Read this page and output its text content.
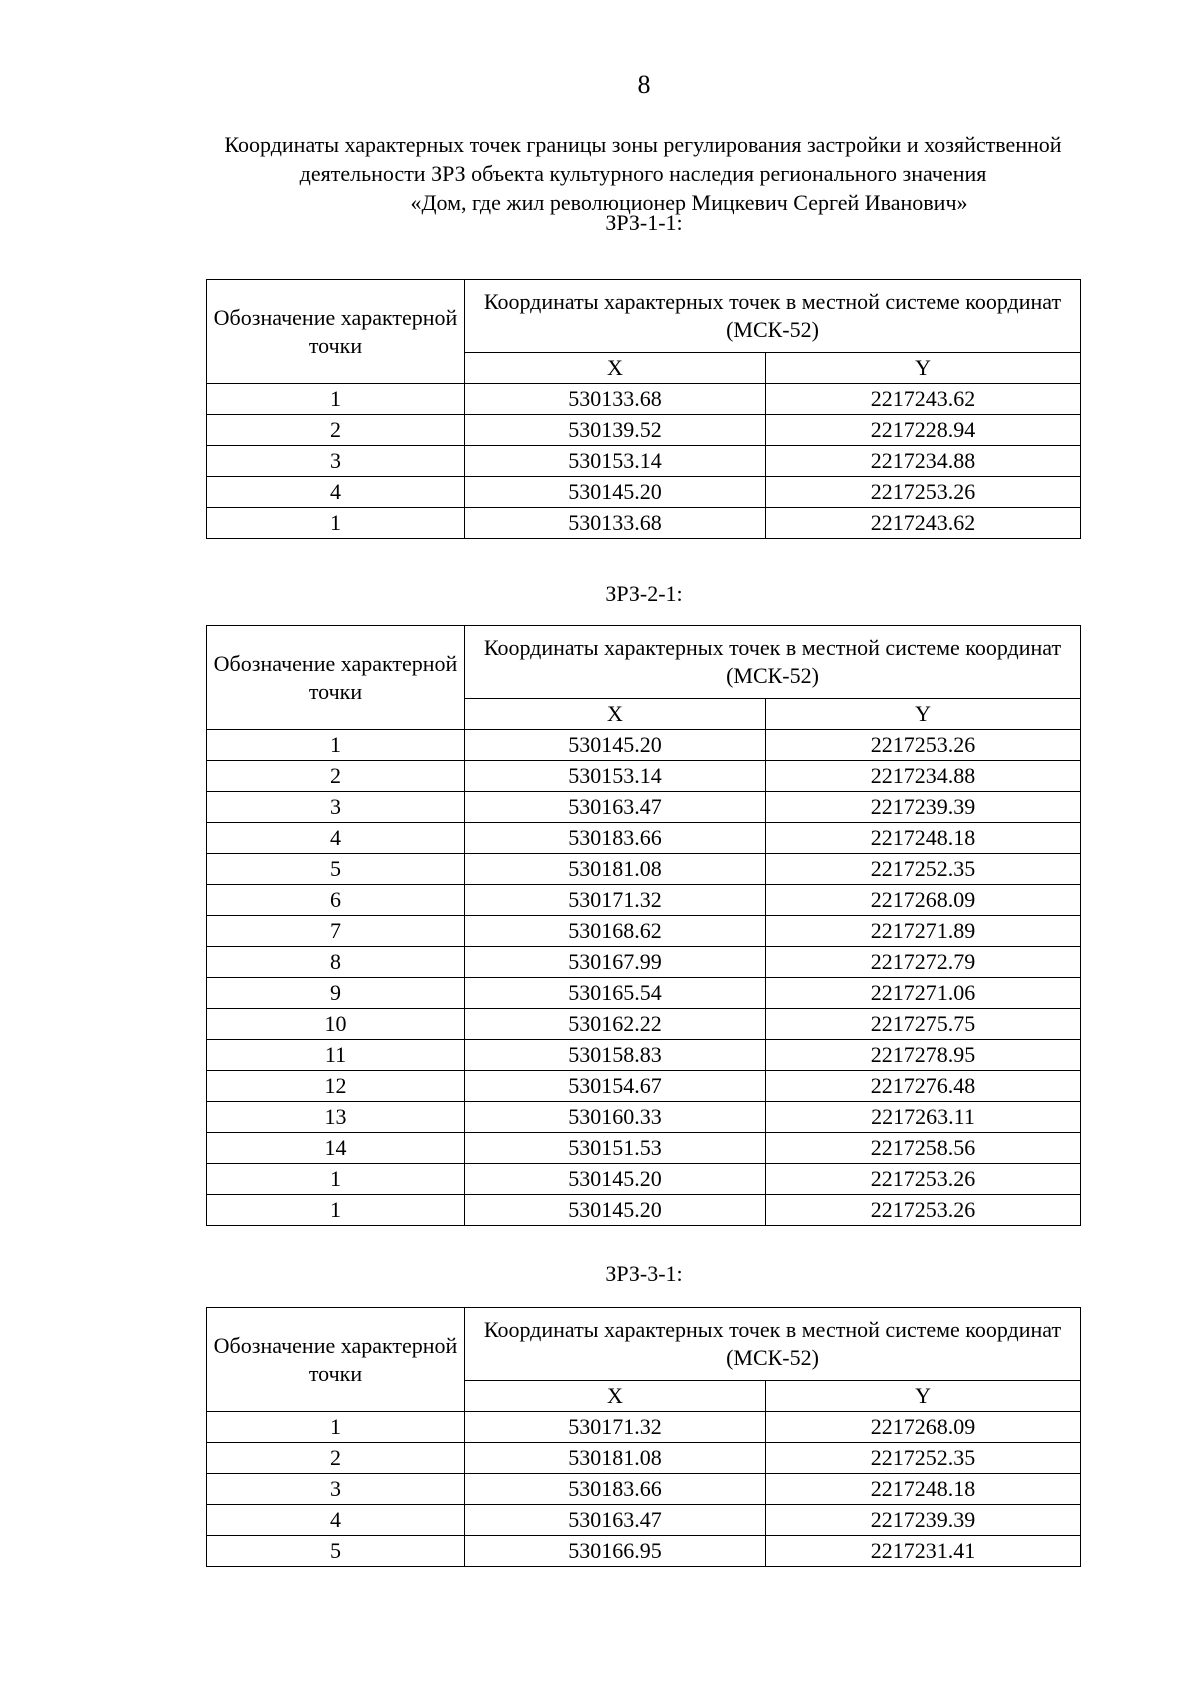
8
Координаты характерных точек границы зоны регулирования застройки и хозяйственной
деятельности ЗРЗ объекта культурного наследия регионального значения
«Дом, где жил революционер Мицкевич Сергей Иванович»
ЗРЗ-1-1:
Обозначение характерной точки	Координаты характерных точек в местной системе координат (МСК-52)	
	X	Y
1	530133.68	2217243.62
2	530139.52	2217228.94
3	530153.14	2217234.88
4	530145.20	2217253.26
1	530133.68	2217243.62
ЗРЗ-2-1:
Обозначение характерной точки	Координаты характерных точек в местной системе координат (МСК-52)	
	X	Y
1	530145.20	2217253.26
2	530153.14	2217234.88
3	530163.47	2217239.39
4	530183.66	2217248.18
5	530181.08	2217252.35
6	530171.32	2217268.09
7	530168.62	2217271.89
8	530167.99	2217272.79
9	530165.54	2217271.06
10	530162.22	2217275.75
11	530158.83	2217278.95
12	530154.67	2217276.48
13	530160.33	2217263.11
14	530151.53	2217258.56
1	530145.20	2217253.26
1	530145.20	2217253.26
ЗРЗ-3-1:
Обозначение характерной точки	Координаты характерных точек в местной системе координат (МСК-52)	
	X	Y
1	530171.32	2217268.09
2	530181.08	2217252.35
3	530183.66	2217248.18
4	530163.47	2217239.39
5	530166.95	2217231.41
